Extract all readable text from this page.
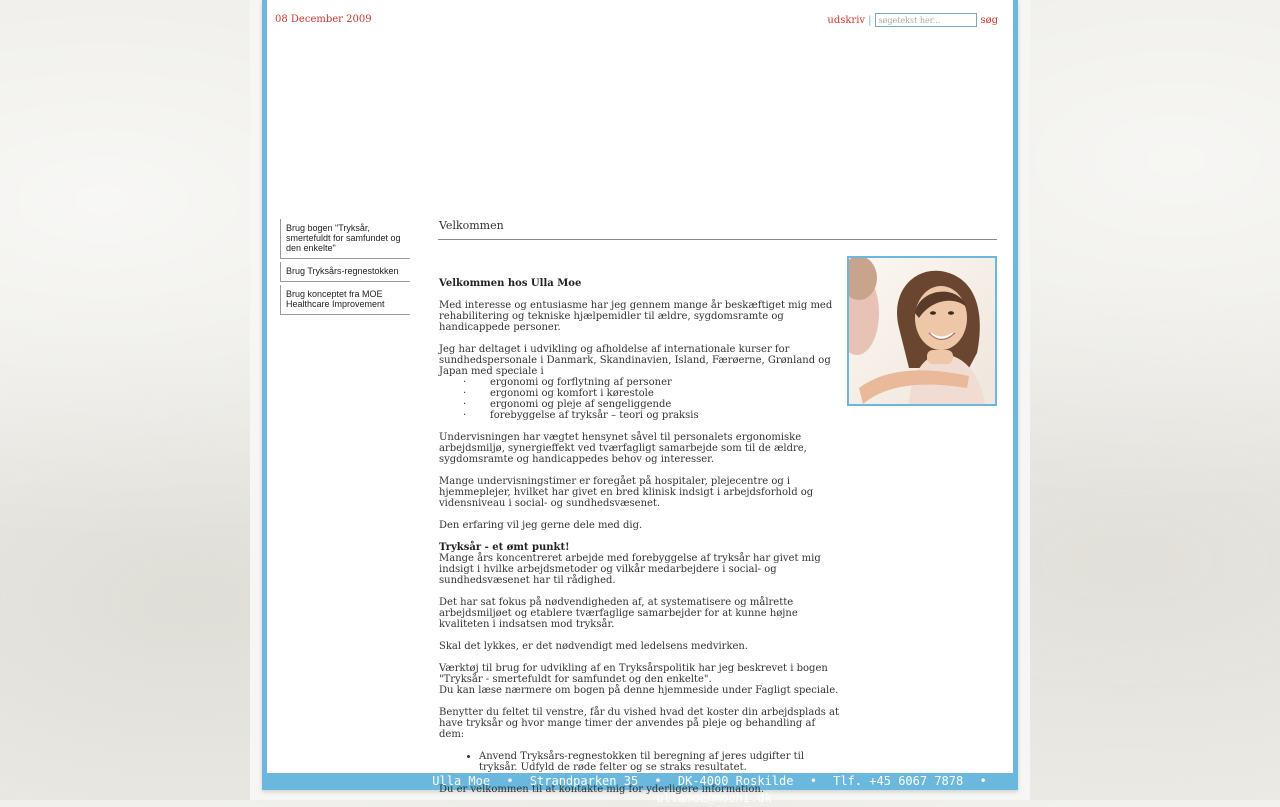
08 December 2009	udskriv |
søgetekst her...	søg
Brug bogen "Tryksår, smertefuldt for samfundet og den enkelte"
Brug Tryksårs-regnestokken
Brug konceptet fra MOE Healthcare Improvement
Velkommen

Velkommen hos Ulla Moe

Med interesse og entusiasme har jeg gennem mange år beskæftiget mig med rehabilitering og tekniske hjælpemidler til ældre, sygdomsramte og handicappede personer.

Jeg har deltaget i udvikling og afholdelse af internationale kurser for sundhedspersonale i Danmark, Skandinavien, Island, Færøerne, Grønland og Japan med speciale i
·	ergonomi og forflytning af personer
·	ergonomi og komfort i kørestole
·	ergonomi og pleje af sengeliggende
·	forebyggelse af tryksår – teori og praksis

Undervisningen har vægtet hensynet såvel til personalets ergonomiske arbejdsmiljø, synergieffekt ved tværfagligt samarbejde som til de ældre, sygdomsramte og handicappedes behov og interesser.

Mange undervisningstimer er foregået på hospitaler, plejecentre og i hjemmeplejer, hvilket har givet en bred klinisk indsigt i arbejdsforhold og vidensniveau i social- og sundhedsvæsenet.

Den erfaring vil jeg gerne dele med dig.

Tryksår - et ømt punkt!

Mange års koncentreret arbejde med forebyggelse af tryksår har givet mig indsigt i hvilke arbejdsmetoder og vilkår medarbejdere i social- og sundhedsvæsenet har til rådighed.

Det har sat fokus på nødvendigheden af, at systematisere og målrette arbejdsmiljøet og etablere tværfaglige samarbejder for at kunne højne kvaliteten i indsatsen mod tryksår.

Skal det lykkes, er det nødvendigt med ledelsens medvirken.

Værktøj til brug for udvikling af en Tryksårspolitik har jeg beskrevet i bogen "Tryksår - smertefuldt for samfundet og den enkelte".

Du kan læse nærmere om bogen på denne hjemmeside under Fagligt speciale.

Benytter du feltet til venstre, får du vished hvad det koster din arbejdsplads at have tryksår og hvor mange timer der anvendes på pleje og behandling af dem:

• Anvend Tryksårs-regnestokken til beregning af jeres udgifter til tryksår. Udfyld de røde felter og se straks resultatet.

Du er velkommen til at kontakte mig for yderligere information.

Ulla Moe • Strandparken 35 • DK-4000 Roskilde • Tlf. +45 6067 7878 • ullamoe@moehi.dk
